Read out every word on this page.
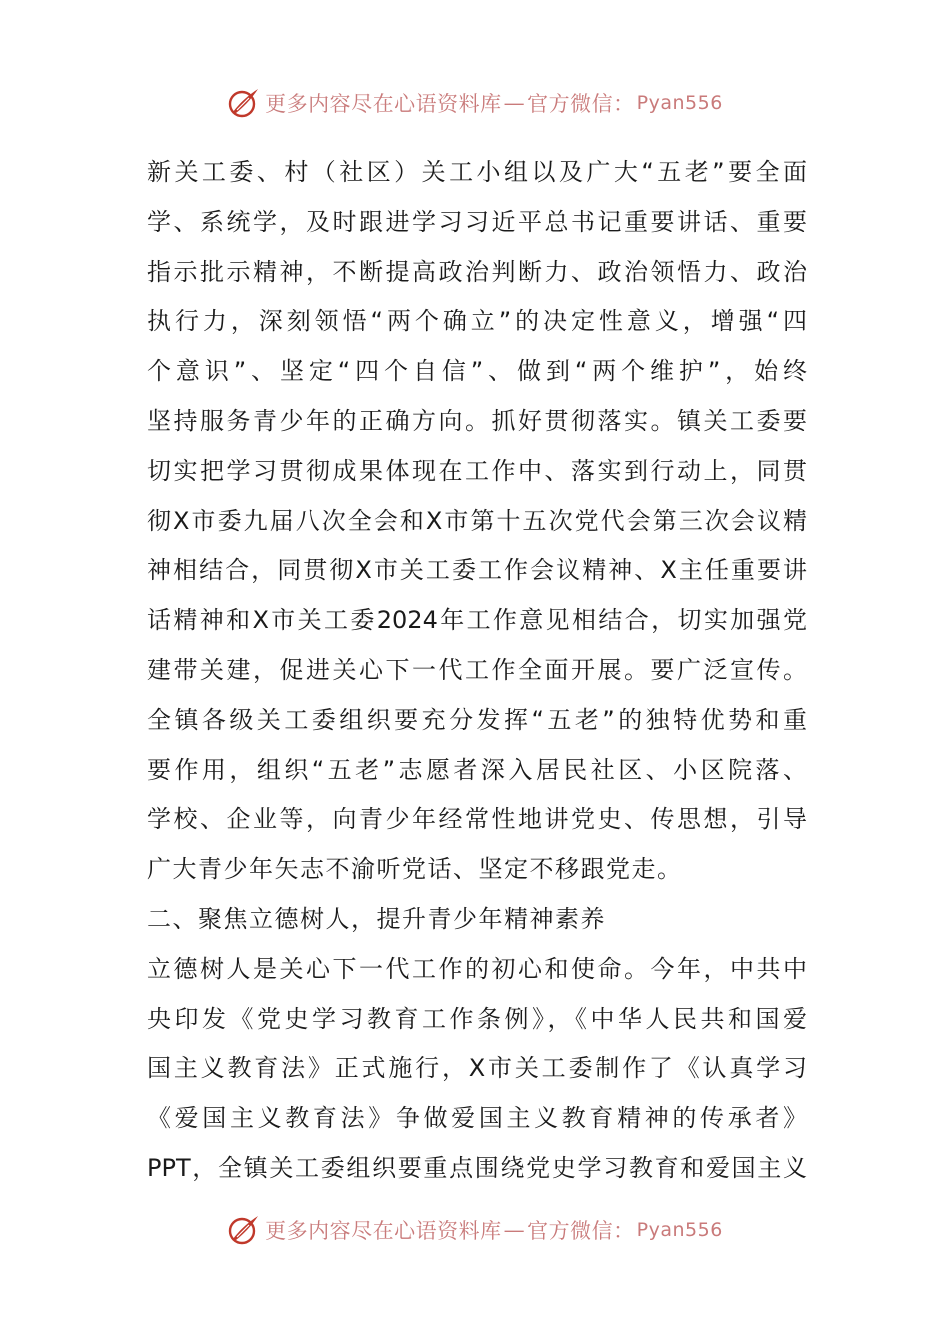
更多内容尽在心语资料库 — 官方微信： Pyan556
新关工委、村（社区）关工小组以及广大“五老”要全面
学、系统学，及时跟进学习习近平总书记重要讲话、重要
指示批示精神，不断提高政治判断力、政治领悟力、政治
执行力，深刻领悟“两个确立”的决定性意义，增强“四
个意识”、坚定“四个自信”、做到“两个维护”，始终
坚持服务青少年的正确方向。抓好贯彻落实。镇关工委要
切实把学习贯彻成果体现在工作中、落实到行动上，同贯
彻X市委九届八次全会和X市第十五次党代会第三次会议精
神相结合，同贯彻X市关工委工作会议精神、X主任重要讲
话精神和X市关工委2024年工作意见相结合，切实加强党
建带关建，促进关心下一代工作全面开展。要广泛宣传。
全镇各级关工委组织要充分发挥“五老”的独特优势和重
要作用，组织“五老”志愿者深入居民社区、小区院落、
学校、企业等，向青少年经常性地讲党史、传思想，引导
广大青少年矢志不渝听党话、坚定不移跟党走。
二、聚焦立德树人，提升青少年精神素养
立德树人是关心下一代工作的初心和使命。今年，中共中
央印发《党史学习教育工作条例》，《中华人民共和国爱
国主义教育法》正式施行，X市关工委制作了《认真学习
《爱国主义教育法》争做爱国主义教育精神的传承者》
PPT，全镇关工委组织要重点围绕党史学习教育和爱国主义
更多内容尽在心语资料库 — 官方微信： Pyan556
